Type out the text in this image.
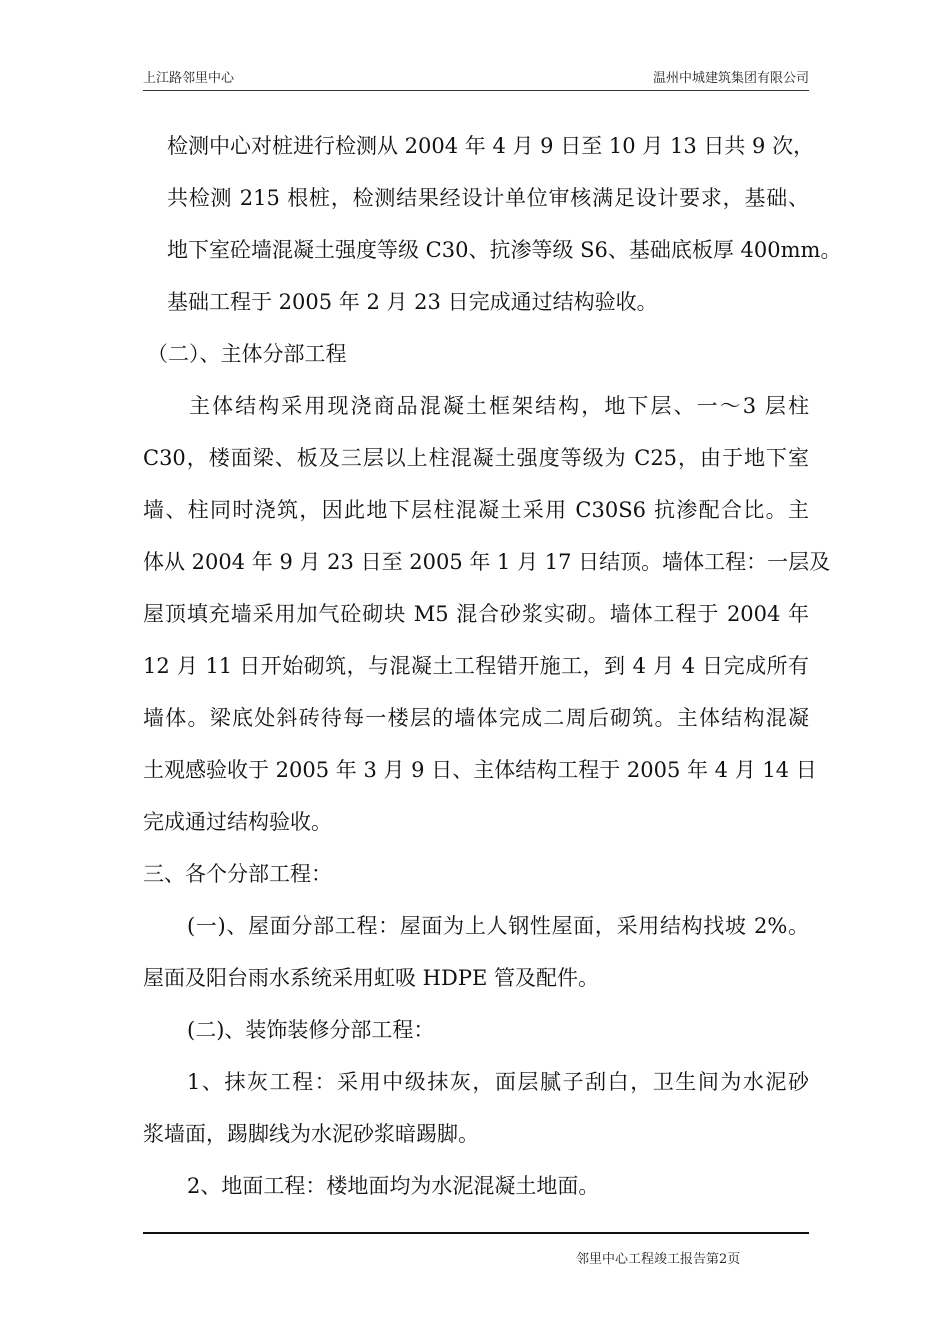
上江路邻里中心	温州中城建筑集团有限公司
检测中心对桩进行检测从 2004 年 4 月 9 日至 10 月 13 日共 9 次，
共检测 215 根桩，检测结果经设计单位审核满足设计要求，基础、
地下室砼墙混凝土强度等级 C30、抗渗等级 S6、基础底板厚 400mm。
基础工程于 2005 年 2 月 23 日完成通过结构验收。
（二）、主体分部工程
主体结构采用现浇商品混凝土框架结构，地下层、一～3 层柱
C30，楼面梁、板及三层以上柱混凝土强度等级为 C25，由于地下室
墙、柱同时浇筑，因此地下层柱混凝土采用 C30S6 抗渗配合比。主
体从 2004 年 9 月 23 日至 2005 年 1 月 17 日结顶。墙体工程：一层及
屋顶填充墙采用加气砼砌块 M5 混合砂浆实砌。墙体工程于 2004 年
12 月 11 日开始砌筑，与混凝土工程错开施工，到 4 月 4 日完成所有
墙体。梁底处斜砖待每一楼层的墙体完成二周后砌筑。主体结构混凝
土观感验收于 2005 年 3 月 9 日、主体结构工程于 2005 年 4 月 14 日
完成通过结构验收。
三、各个分部工程：
(一)、屋面分部工程：屋面为上人钢性屋面，采用结构找坡 2%。
屋面及阳台雨水系统采用虹吸 HDPE 管及配件。
(二)、装饰装修分部工程：
1、抹灰工程：采用中级抹灰，面层腻子刮白，卫生间为水泥砂
浆墙面，踢脚线为水泥砂浆暗踢脚。
2、地面工程：楼地面均为水泥混凝土地面。
邻里中心工程竣工报告第2页
